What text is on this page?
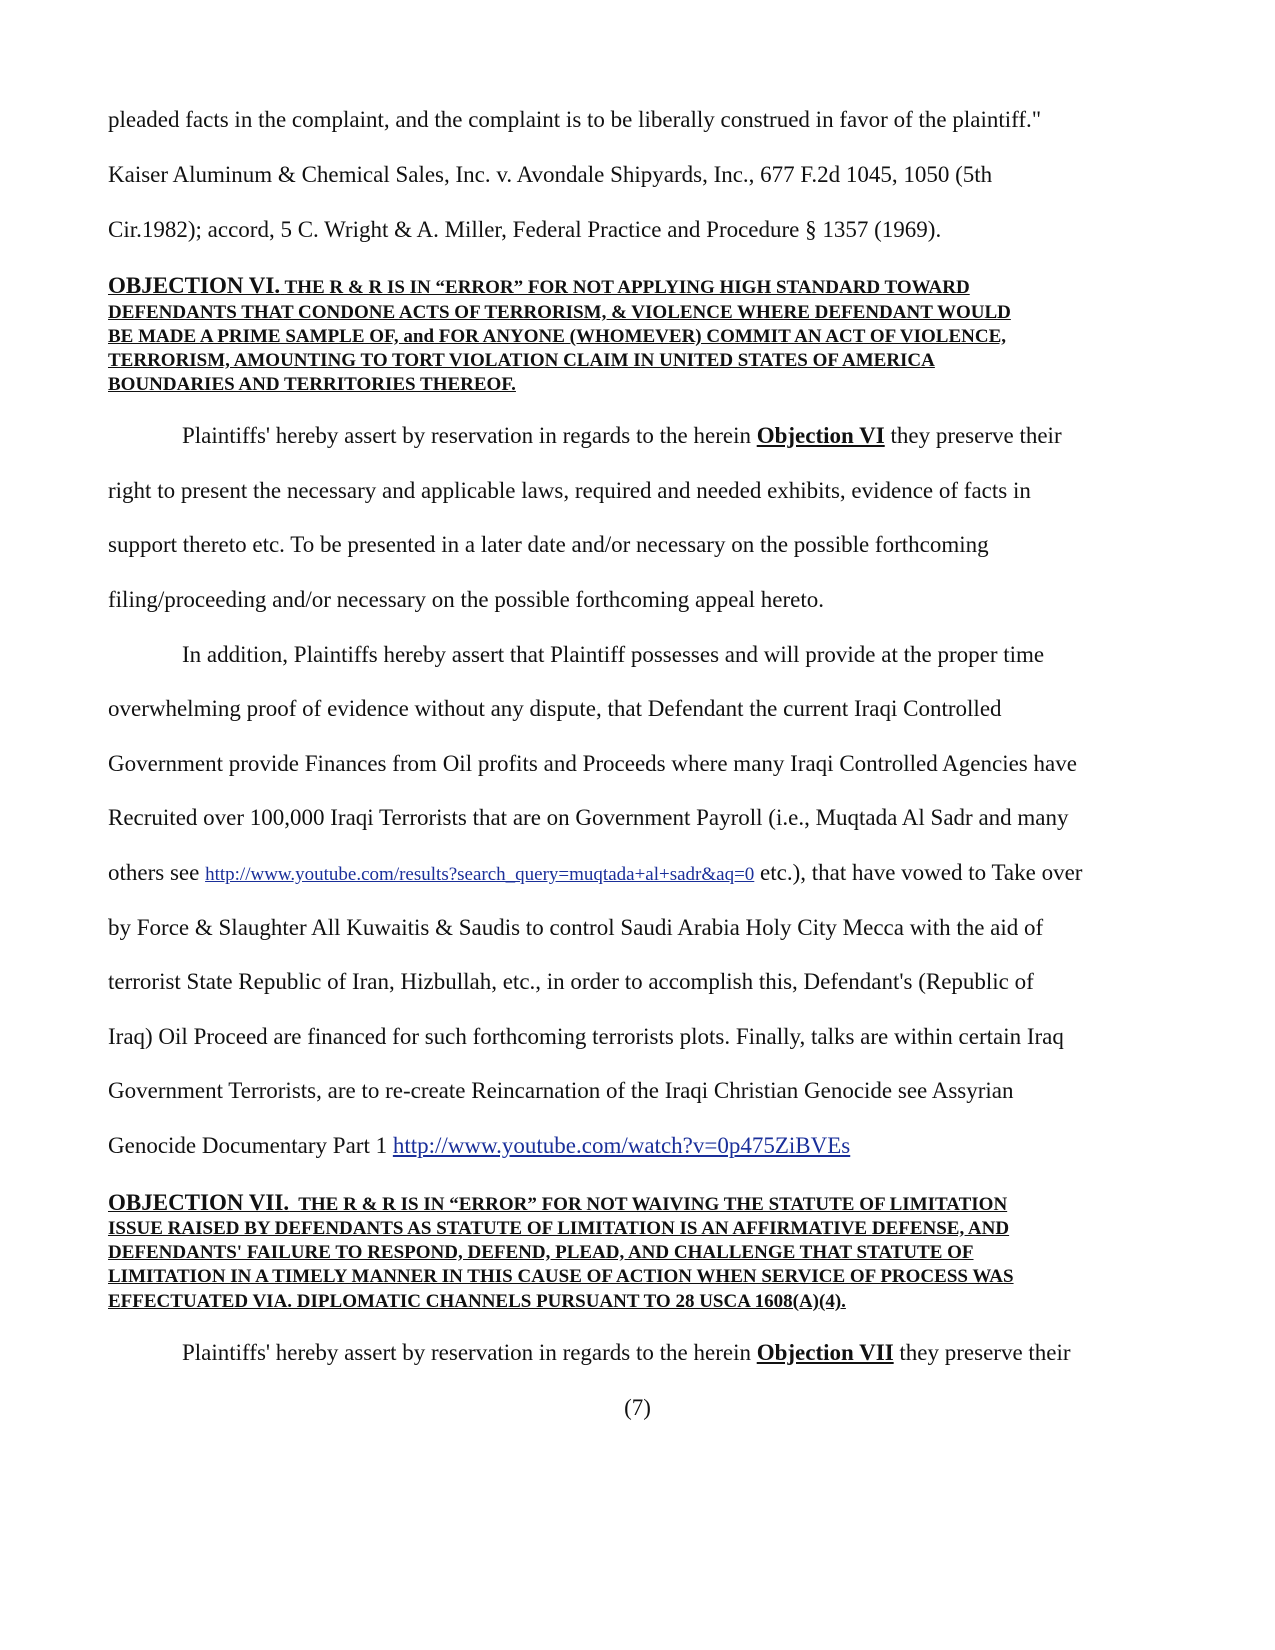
pleaded facts in the complaint, and the complaint is to be liberally construed in favor of the plaintiff."
Kaiser Aluminum & Chemical Sales, Inc. v. Avondale Shipyards, Inc., 677 F.2d 1045, 1050 (5th
Cir.1982); accord, 5 C. Wright & A. Miller, Federal Practice and Procedure § 1357 (1969).
OBJECTION VI. THE R & R IS IN “ERROR” FOR NOT APPLYING HIGH STANDARD TOWARD
DEFENDANTS THAT CONDONE ACTS OF TERRORISM, & VIOLENCE WHERE DEFENDANT WOULD
BE MADE A PRIME SAMPLE OF, and FOR ANYONE (WHOMEVER) COMMIT AN ACT OF VIOLENCE,
TERRORISM, AMOUNTING TO TORT VIOLATION CLAIM IN UNITED STATES OF AMERICA
BOUNDARIES AND TERRITORIES THEREOF.
Plaintiffs' hereby assert by reservation in regards to the herein Objection VI they preserve their
right to present the necessary and applicable laws, required and needed exhibits, evidence of facts in
support thereto etc. To be presented in a later date and/or necessary on the possible forthcoming
filing/proceeding and/or necessary on the possible forthcoming appeal hereto.
In addition, Plaintiffs hereby assert that Plaintiff possesses and will provide at the proper time
overwhelming proof of evidence without any dispute, that Defendant the current Iraqi Controlled
Government provide Finances from Oil profits and Proceeds where many Iraqi Controlled Agencies have
Recruited over 100,000 Iraqi Terrorists that are on Government Payroll (i.e., Muqtada Al Sadr and many
others see http://www.youtube.com/results?search_query=muqtada+al+sadr&aq=0 etc.), that have vowed to Take over
by Force & Slaughter All Kuwaitis & Saudis to control Saudi Arabia Holy City Mecca with the aid of
terrorist State Republic of Iran, Hizbullah, etc., in order to accomplish this, Defendant's (Republic of
Iraq) Oil Proceed are financed for such forthcoming terrorists plots. Finally, talks are within certain Iraq
Government Terrorists, are to re-create Reincarnation of the Iraqi Christian Genocide see Assyrian
Genocide Documentary Part 1 http://www.youtube.com/watch?v=0p475ZiBVEs
OBJECTION VII.  THE R & R IS IN “ERROR” FOR NOT WAIVING THE STATUTE OF LIMITATION
ISSUE RAISED BY DEFENDANTS AS STATUTE OF LIMITATION IS AN AFFIRMATIVE DEFENSE, AND
DEFENDANTS' FAILURE TO RESPOND, DEFEND, PLEAD, AND CHALLENGE THAT STATUTE OF
LIMITATION IN A TIMELY MANNER IN THIS CAUSE OF ACTION WHEN SERVICE OF PROCESS WAS
EFFECTUATED VIA. DIPLOMATIC CHANNELS PURSUANT TO 28 USCA 1608(A)(4).
Plaintiffs' hereby assert by reservation in regards to the herein Objection VII they preserve their
(7)
